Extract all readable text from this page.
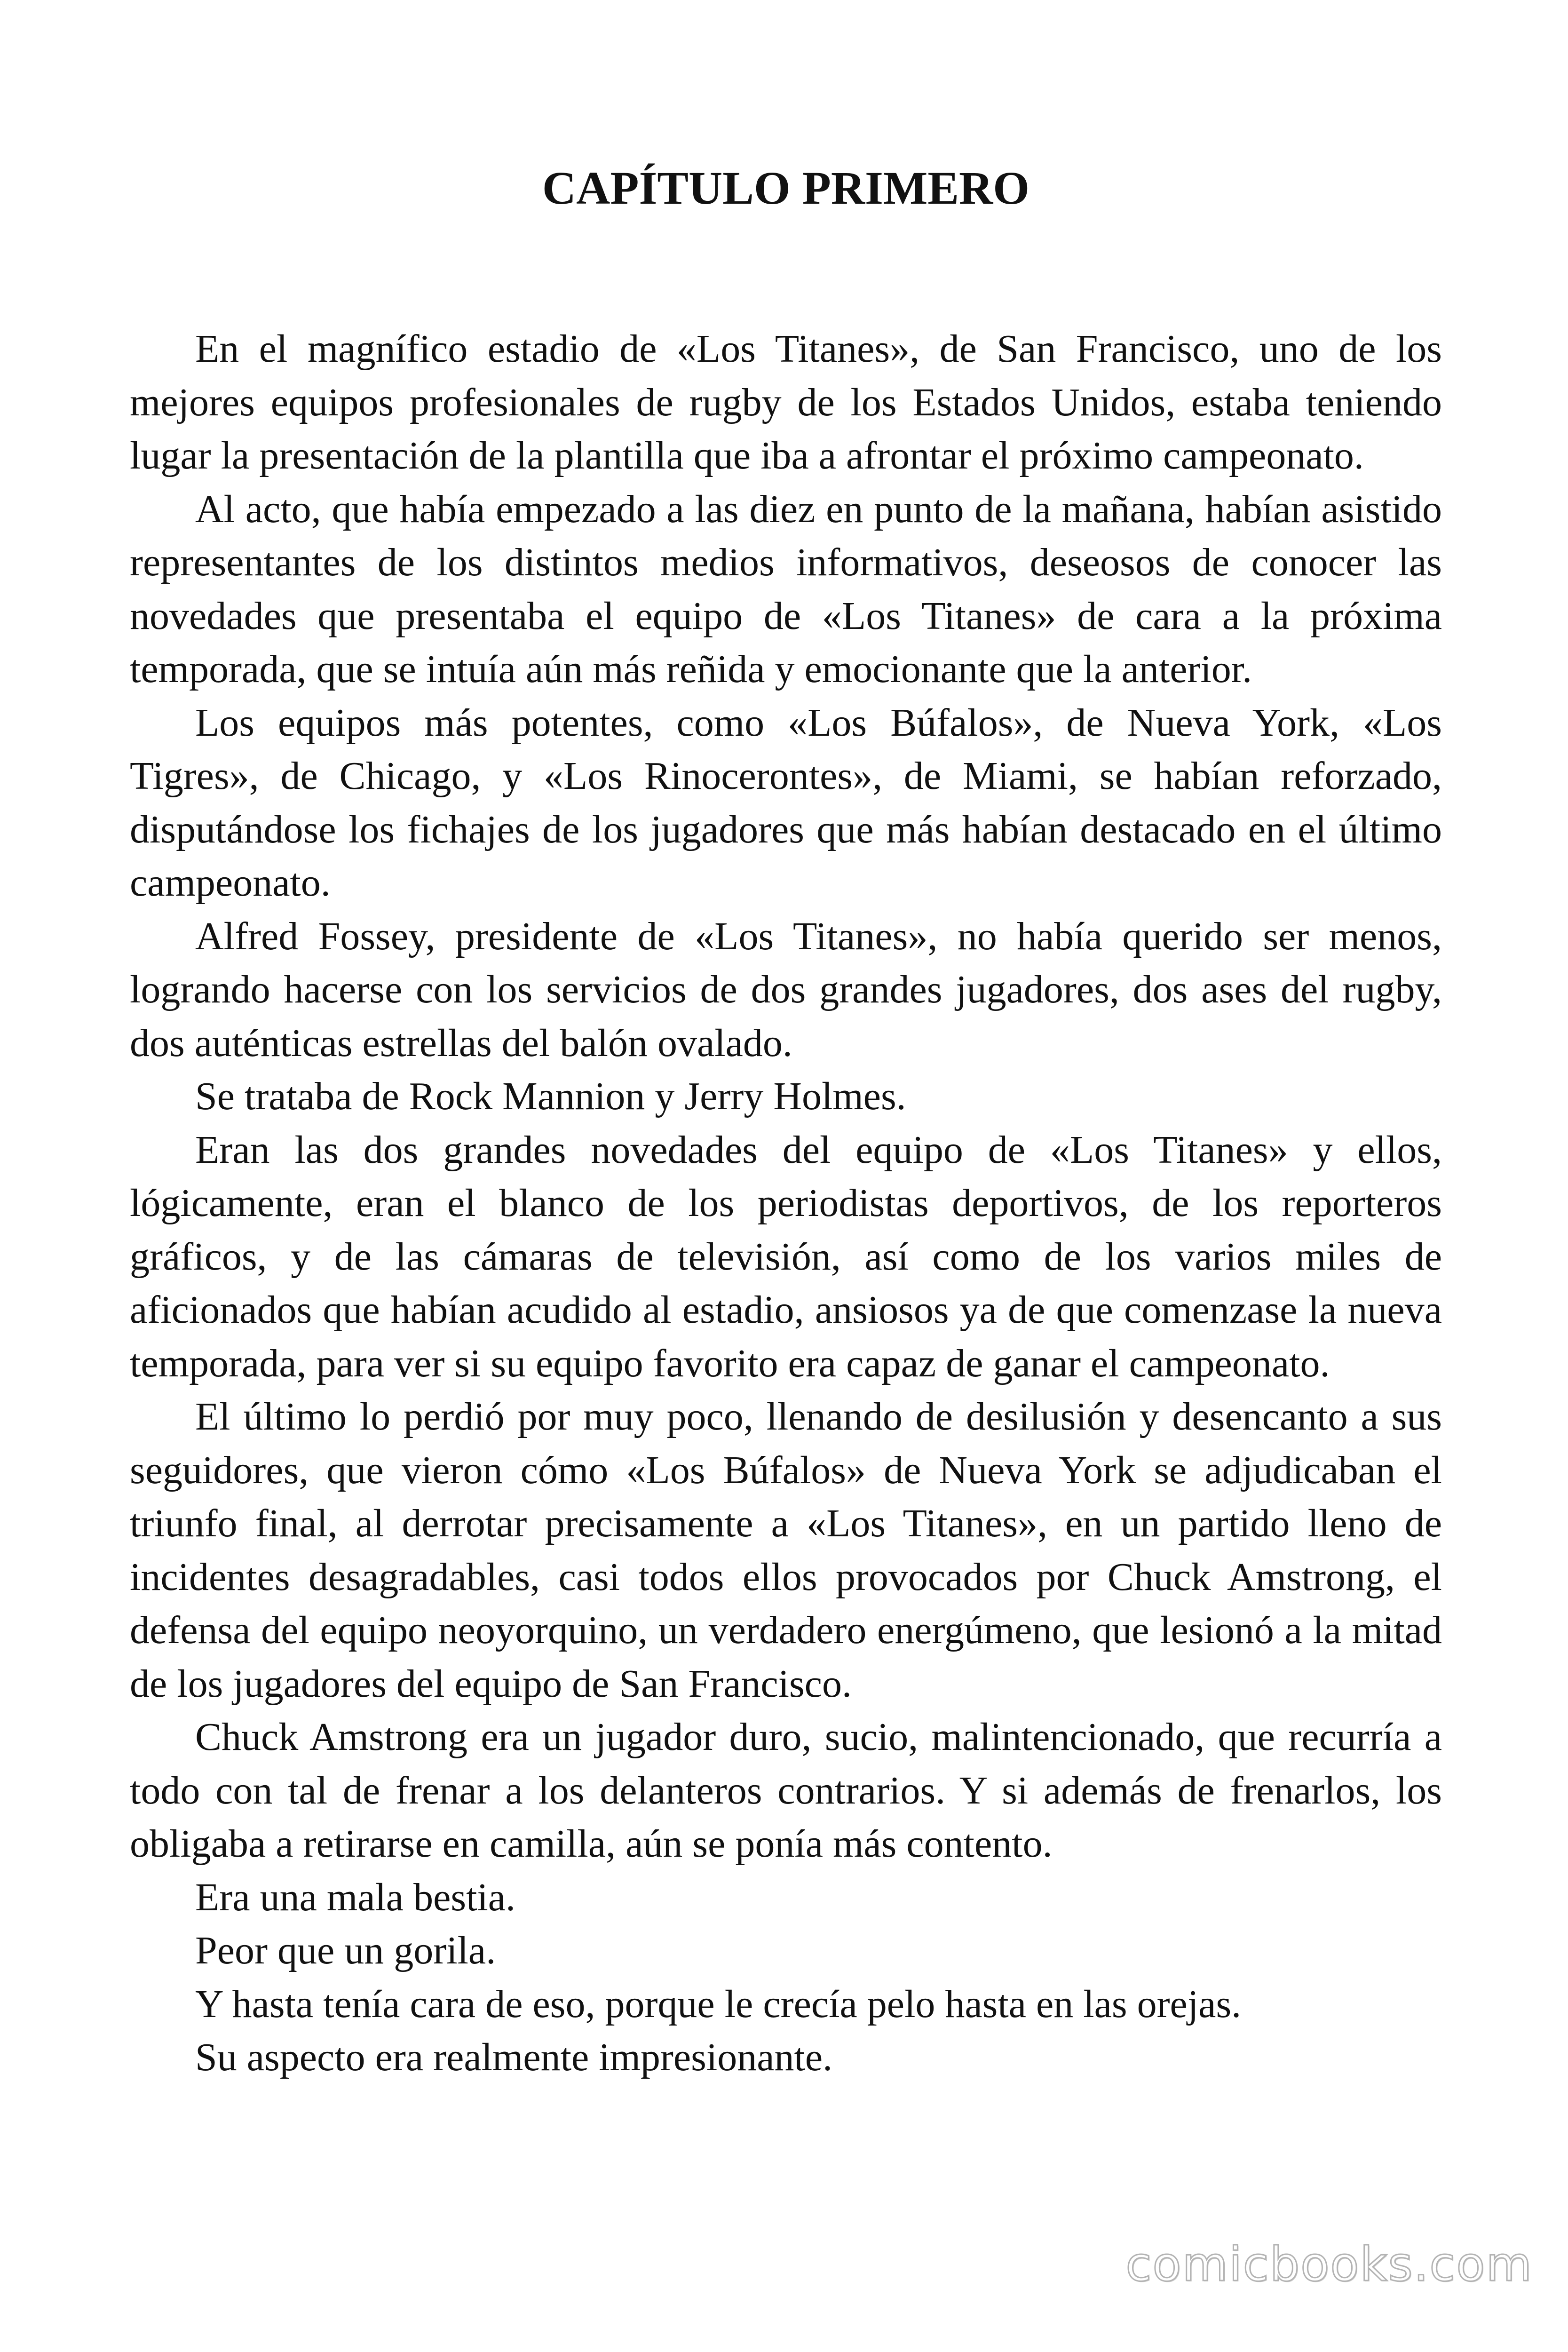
CAPÍTULO PRIMERO

En el magnífico estadio de «Los Titanes», de San Francisco, uno de los mejores equipos profesionales de rugby de los Estados Unidos, estaba teniendo lugar la presentación de la plantilla que iba a afrontar el próximo campeonato.

Al acto, que había empezado a las diez en punto de la mañana, habían asistido representantes de los distintos medios informativos, deseosos de conocer las novedades que presentaba el equipo de «Los Titanes» de cara a la próxima temporada, que se intuía aún más reñida y emocionante que la anterior.

Los equipos más potentes, como «Los Búfalos», de Nueva York, «Los Tigres», de Chicago, y «Los Rinocerontes», de Miami, se habían reforzado, disputándose los fichajes de los jugadores que más habían destacado en el último campeonato.

Alfred Fossey, presidente de «Los Titanes», no había querido ser menos, logrando hacerse con los servicios de dos grandes jugadores, dos ases del rugby, dos auténticas estrellas del balón ovalado.

Se trataba de Rock Mannion y Jerry Holmes.

Eran las dos grandes novedades del equipo de «Los Titanes» y ellos, lógicamente, eran el blanco de los periodistas deportivos, de los reporteros gráficos, y de las cámaras de televisión, así como de los varios miles de aficionados que habían acudido al estadio, ansiosos ya de que comenzase la nueva temporada, para ver si su equipo favorito era capaz de ganar el campeonato.

El último lo perdió por muy poco, llenando de desilusión y desencanto a sus seguidores, que vieron cómo «Los Búfalos» de Nueva York se adjudicaban el triunfo final, al derrotar precisamente a «Los Titanes», en un partido lleno de incidentes desagradables, casi todos ellos provocados por Chuck Amstrong, el defensa del equipo neoyorquino, un verdadero energúmeno, que lesionó a la mitad de los jugadores del equipo de San Francisco.

Chuck Amstrong era un jugador duro, sucio, malintencionado, que recurría a todo con tal de frenar a los delanteros contrarios. Y si además de frenarlos, los obligaba a retirarse en camilla, aún se ponía más contento.

Era una mala bestia.

Peor que un gorila.

Y hasta tenía cara de eso, porque le crecía pelo hasta en las orejas.

Su aspecto era realmente impresionante.

comicbooks.com
